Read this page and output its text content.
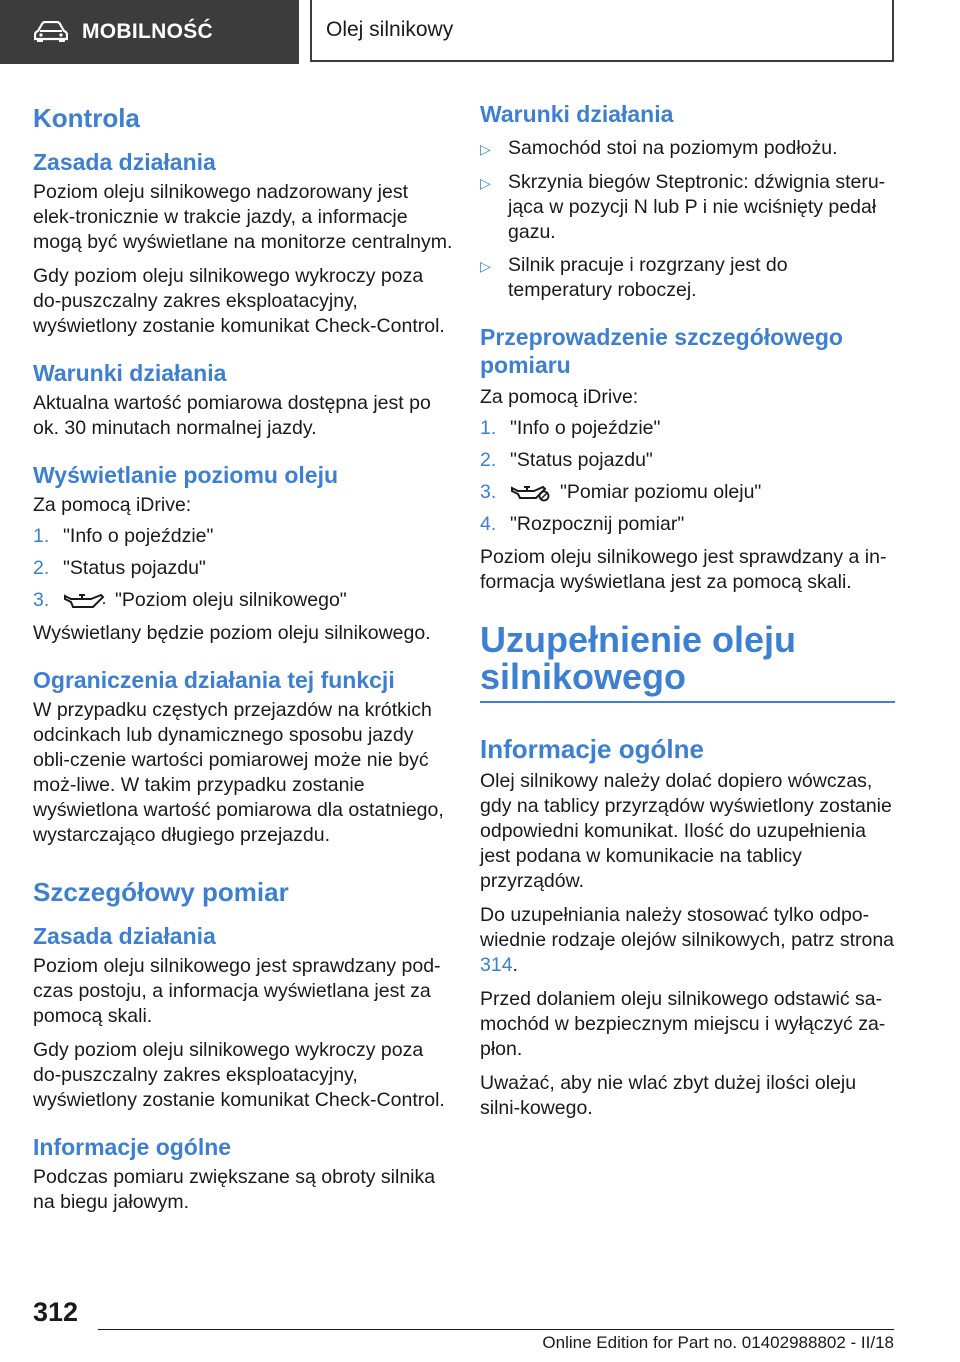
MOBILNOŚĆ	Olej silnikowy
Kontrola
Zasada działania

Poziom oleju silnikowego nadzorowany jest elek-tronicznie w trakcie jazdy, a informacje mogą być wyświetlane na monitorze centralnym.

Gdy poziom oleju silnikowego wykroczy poza do-puszczalny zakres eksploatacyjny, wyświetlony zostanie komunikat Check-Control.

Warunki działania

Aktualna wartość pomiarowa dostępna jest po ok. 30 minutach normalnej jazdy.

Wyświetlanie poziomu oleju

Za pomocą iDrive:

1. "Info o pojeździe"
2. "Status pojazdu"
3.	"Poziom oleju silnikowego"

Wyświetlany będzie poziom oleju silnikowego.

Ograniczenia działania tej funkcji

W przypadku częstych przejazdów na krótkich odcinkach lub dynamicznego sposobu jazdy obli-czenie wartości pomiarowej może nie być moż-liwe. W takim przypadku zostanie wyświetlona wartość pomiarowa dla ostatniego, wystarczająco długiego przejazdu.

Szczegółowy pomiar
Zasada działania

Poziom oleju silnikowego jest sprawdzany pod-czas postoju, a informacja wyświetlana jest za pomocą skali.

Gdy poziom oleju silnikowego wykroczy poza do-puszczalny zakres eksploatacyjny, wyświetlony zostanie komunikat Check-Control.

Informacje ogólne

Podczas pomiaru zwiększane są obroty silnika na biegu jałowym.

Warunki działania
▷ Samochód stoi na poziomym podłożu.
▷ Skrzynia biegów Steptronic: dźwignia steru-jąca w pozycji N lub P i nie wciśnięty pedał gazu.
▷ Silnik pracuje i rozgrzany jest do temperatury roboczej.
Przeprowadzenie szczegółowego pomiaru

Za pomocą iDrive:

1. "Info o pojeździe"
2. "Status pojazdu"
3.	"Pomiar poziomu oleju"
4. "Rozpocznij pomiar"

Poziom oleju silnikowego jest sprawdzany a in-formacja wyświetlana jest za pomocą skali.

Uzupełnienie oleju
silnikowego
Informacje ogólne

Olej silnikowy należy dolać dopiero wówczas, gdy na tablicy przyrządów wyświetlony zostanie odpowiedni komunikat. Ilość do uzupełnienia jest podana w komunikacie na tablicy przyrządów.

Do uzupełniania należy stosować tylko odpo-wiednie rodzaje olejów silnikowych, patrz strona 314.

Przed dolaniem oleju silnikowego odstawić sa-mochód w bezpiecznym miejscu i wyłączyć za-płon.

Uważać, aby nie wlać zbyt dużej ilości oleju silni-kowego.

312
Online Edition for Part no. 01402988802 - II/18
